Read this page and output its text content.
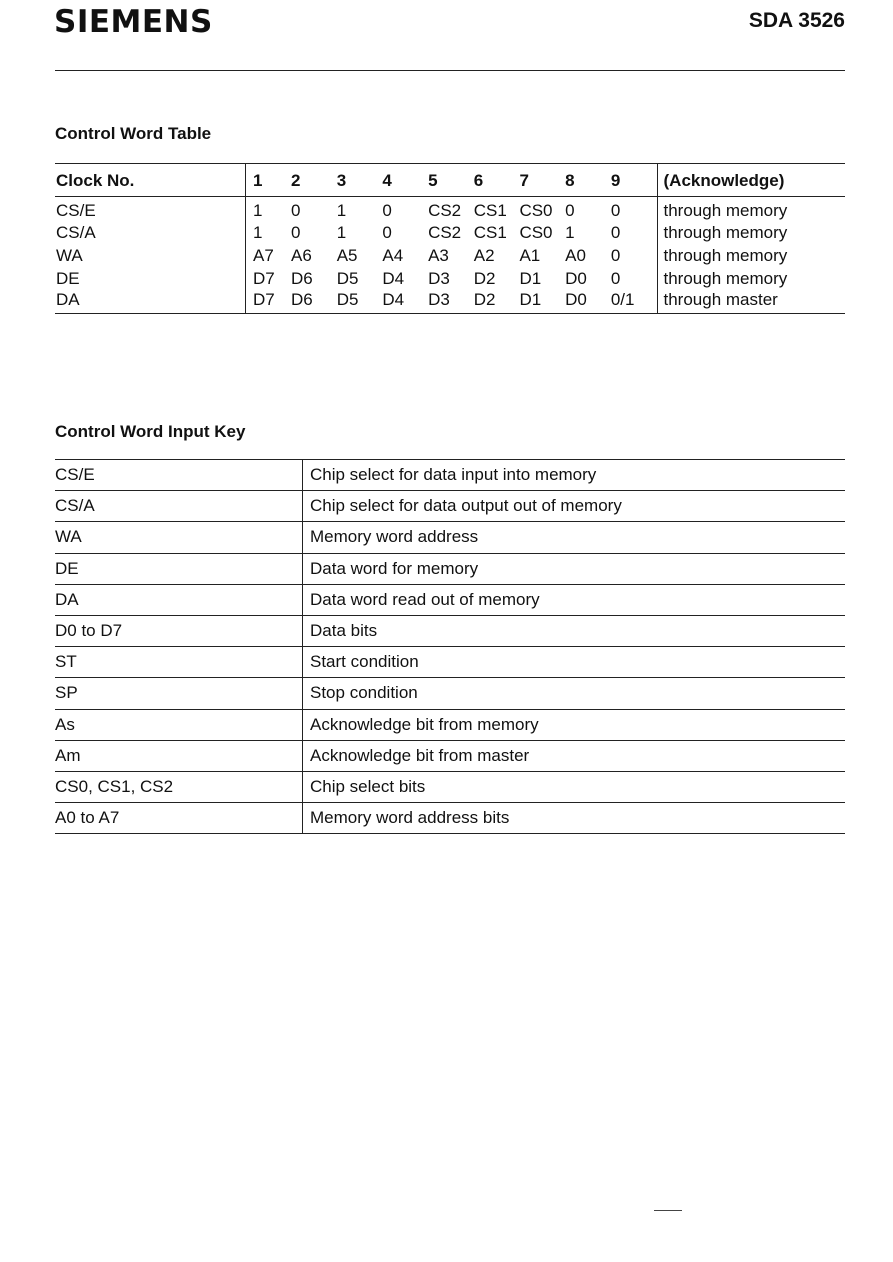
SIEMENS	SDA 3526
Control Word Table
Clock No.	1	2	3	4	5	6	7	8	9	(Acknowledge)
CS/E	1	0	1	0	CS2	CS1	CS0	0	0	through memory
CS/A	1	0	1	0	CS2	CS1	CS0	1	0	through memory
WA	A7	A6	A5	A4	A3	A2	A1	A0	0	through memory
DE	D7	D6	D5	D4	D3	D2	D1	D0	0	through memory
DA	D7	D6	D5	D4	D3	D2	D1	D0	0/1	through master
Control Word Input Key
CS/E	Chip select for data input into memory
CS/A	Chip select for data output out of memory
WA	Memory word address
DE	Data word for memory
DA	Data word read out of memory
D0 to D7	Data bits
ST	Start condition
SP	Stop condition
As	Acknowledge bit from memory
Am	Acknowledge bit from master
CS0, CS1, CS2	Chip select bits
A0 to A7	Memory word address bits
